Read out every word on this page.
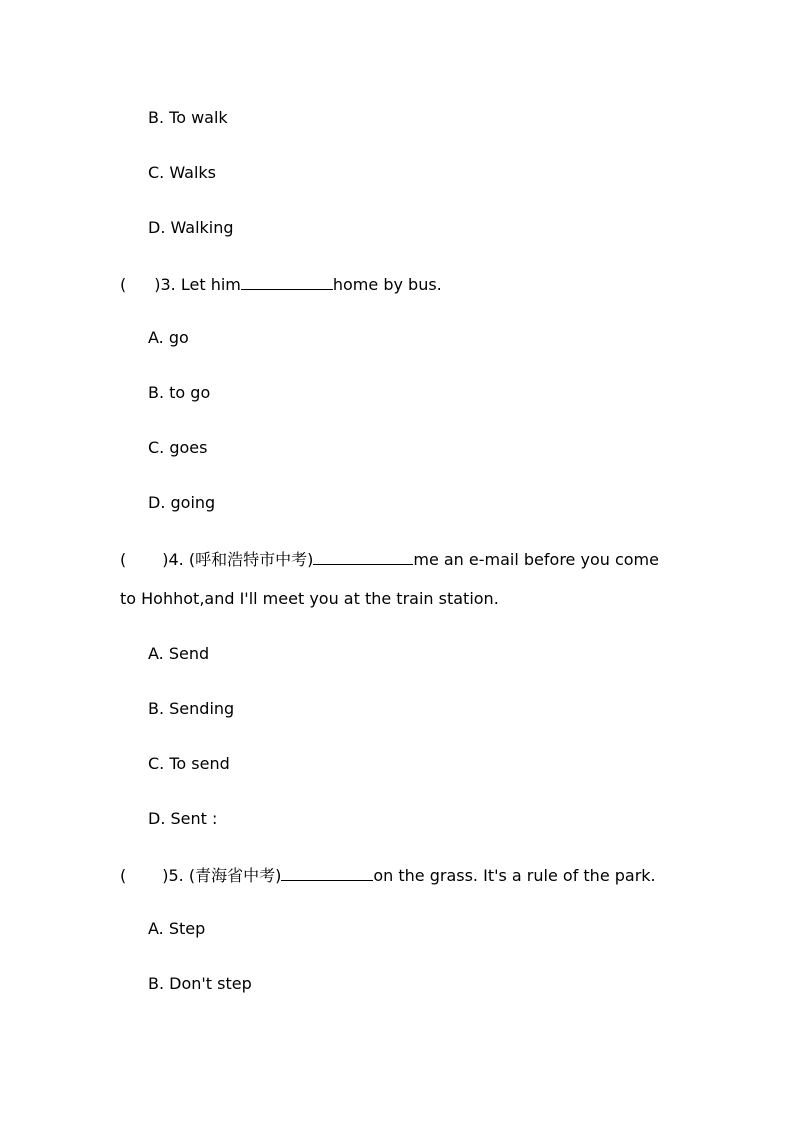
B. To walk
C. Walks
D. Walking
( )3. Let him	home by bus.
A. go
B. to go
C. goes
D. going
( )4. (呼和浩特市中考)	me an e-mail before you come
to Hohhot,and I'll meet you at the train station.
A. Send
B. Sending
C. To send
D. Sent :
( )5. (青海省中考)	on the grass. It's a rule of the park.
A. Step
B. Don't step
